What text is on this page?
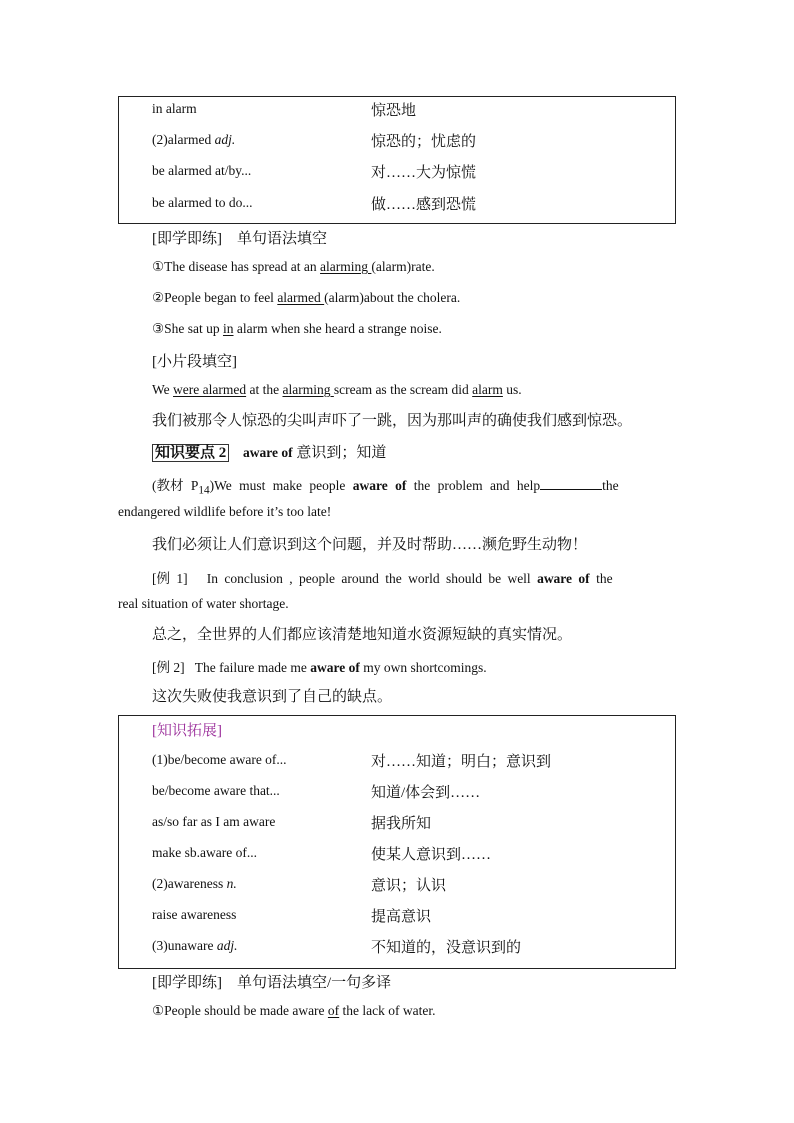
in alarm	惊恐地
(2)alarmed adj.	惊恐的；忧虑的
be alarmed at/by...	对……大为惊慌
be alarmed to do...	做……感到恐慌
[即学即练]　单句语法填空
①The disease has spread at an alarming (alarm)rate.
②People began to feel alarmed (alarm)about the cholera.
③She sat up in alarm when she heard a strange noise.
[小片段填空]
We were alarmed at the alarming scream as the scream did alarm us.
我们被那令人惊恐的尖叫声吓了一跳，因为那叫声的确使我们感到惊恐。
知识要点 2 aware of 意识到；知道
(教材 $P_{14})We$ must make people aware of the problem and help	the
endangered wildlife before it’s too late!
我们必须让人们意识到这个问题，并及时帮助……濒危野生动物！
[例 1] In conclusion , people around the world should be well aware of the
real situation of water shortage.
总之，全世界的人们都应该清楚地知道水资源短缺的真实情况。
[例 2] The failure made me aware of my own shortcomings.
这次失败使我意识到了自己的缺点。
[知识拓展]
(1)be/become aware of...	对……知道；明白；意识到
be/become aware that...	知道/体会到……
as/so far as I am aware	据我所知
make sb.aware of...	使某人意识到……
(2)awareness n.	意识；认识
raise awareness	提高意识
(3)unaware adj.	不知道的，没意识到的
[即学即练]　单句语法填空/一句多译
①People should be made aware of the lack of water.
